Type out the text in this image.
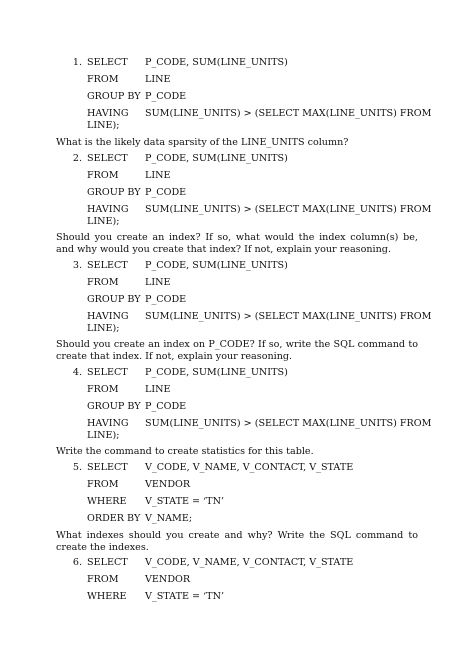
1. SELECT P_CODE, SUM(LINE_UNITS)
FROM	LINE
GROUP BY P_CODE
HAVING SUM(LINE_UNITS) > (SELECT MAX(LINE_UNITS) FROM
LINE);
What is the likely data sparsity of the LINE_UNITS column?
2. SELECT P_CODE, SUM(LINE_UNITS)
FROM	LINE
GROUP BY P_CODE
HAVING SUM(LINE_UNITS) > (SELECT MAX(LINE_UNITS) FROM
LINE);
Should you create an index? If so, what would the index column(s) be, and why would you create that index? If not, explain your reasoning.
3. SELECT P_CODE, SUM(LINE_UNITS)
FROM	LINE
GROUP BY P_CODE
HAVING SUM(LINE_UNITS) > (SELECT MAX(LINE_UNITS) FROM
LINE);
Should you create an index on P_CODE? If so, write the SQL command to create that index. If not, explain your reasoning.
4. SELECT P_CODE, SUM(LINE_UNITS)
FROM	LINE
GROUP BY P_CODE
HAVING SUM(LINE_UNITS) > (SELECT MAX(LINE_UNITS) FROM
LINE);
Write the command to create statistics for this table.
5. SELECT V_CODE, V_NAME, V_CONTACT, V_STATE
FROM	VENDOR
WHERE V_STATE = ‘TN’
ORDER BY V_NAME;
What indexes should you create and why? Write the SQL command to create the indexes.
6. SELECT V_CODE, V_NAME, V_CONTACT, V_STATE
FROM	VENDOR
WHERE V_STATE = ‘TN’
